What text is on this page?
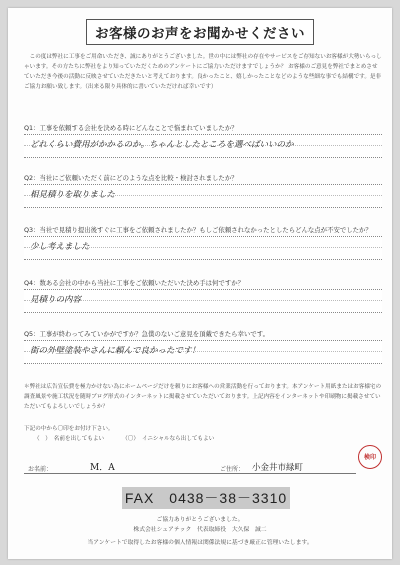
お客様のお声をお聞かせください
この度は弊社に工事をご用命いただき、誠にありがとうございました。世の中には弊社の存在やサービスをご存知ないお客様が大勢いらっしゃいます。その方たちに弊社をより知っていただくためのアンケートにご協力いただけますでしょうか？ お客様のご意見を弊社でまとめさせていただき今後の活動に反映させていただきたいと考えております。良かったこと、嬉しかったことなどのような些細な事でも結構です。是非ご協力お願い致します。（出来る限り具体的に書いていただければ幸いです）
Q1：工事を依頼する会社を決める時にどんなことで悩まれていましたか？
どれくらい費用がかかるのか。ちゃんとしたところを選べばいいのか
Q2：当社にご依頼いただく前にどのような点を比較・検討されましたか？
相見積りを取りました
Q3：当社で見積り提出後すぐに工事をご依頼されましたか？もしご依頼されなかったとしたらどんな点が不安でしたか？
少し考えました
Q4：数ある会社の中から当社に工事をご依頼いただいた決め手は何ですか？
見積りの内容
Q5：工事が終わってみていかがですか？急僕のないご意見を頂戴できたら幸いです。
街の外壁塗装やさんに頼んで良かったです！
＊弊社は広告宣伝費を極力かけない為にホームページだけを頼りにお客様への営業活動を行っております。本アンケート用紙またはお客様宅の調査風景や施工状況を随時ブログ形式のインターネットに掲載させていただいております。上記内容をインターネットや印刷物に掲載させていただいてもよろしいでしょうか？
下記の中から〇印をお付け下さい。
（　） 名前を出してもよい	（〇） イニシャルなら出してもよい
お名前：	M．A	ご住所： 小金井市緑町
検印
FAX　0438－38－3310
ご協力ありがとうございました。
株式会社シェアテック　代表取締役　大久保　誠二
当アンケートで取得したお客様の個人情報は関係法規に基づき厳正に管理いたします。
